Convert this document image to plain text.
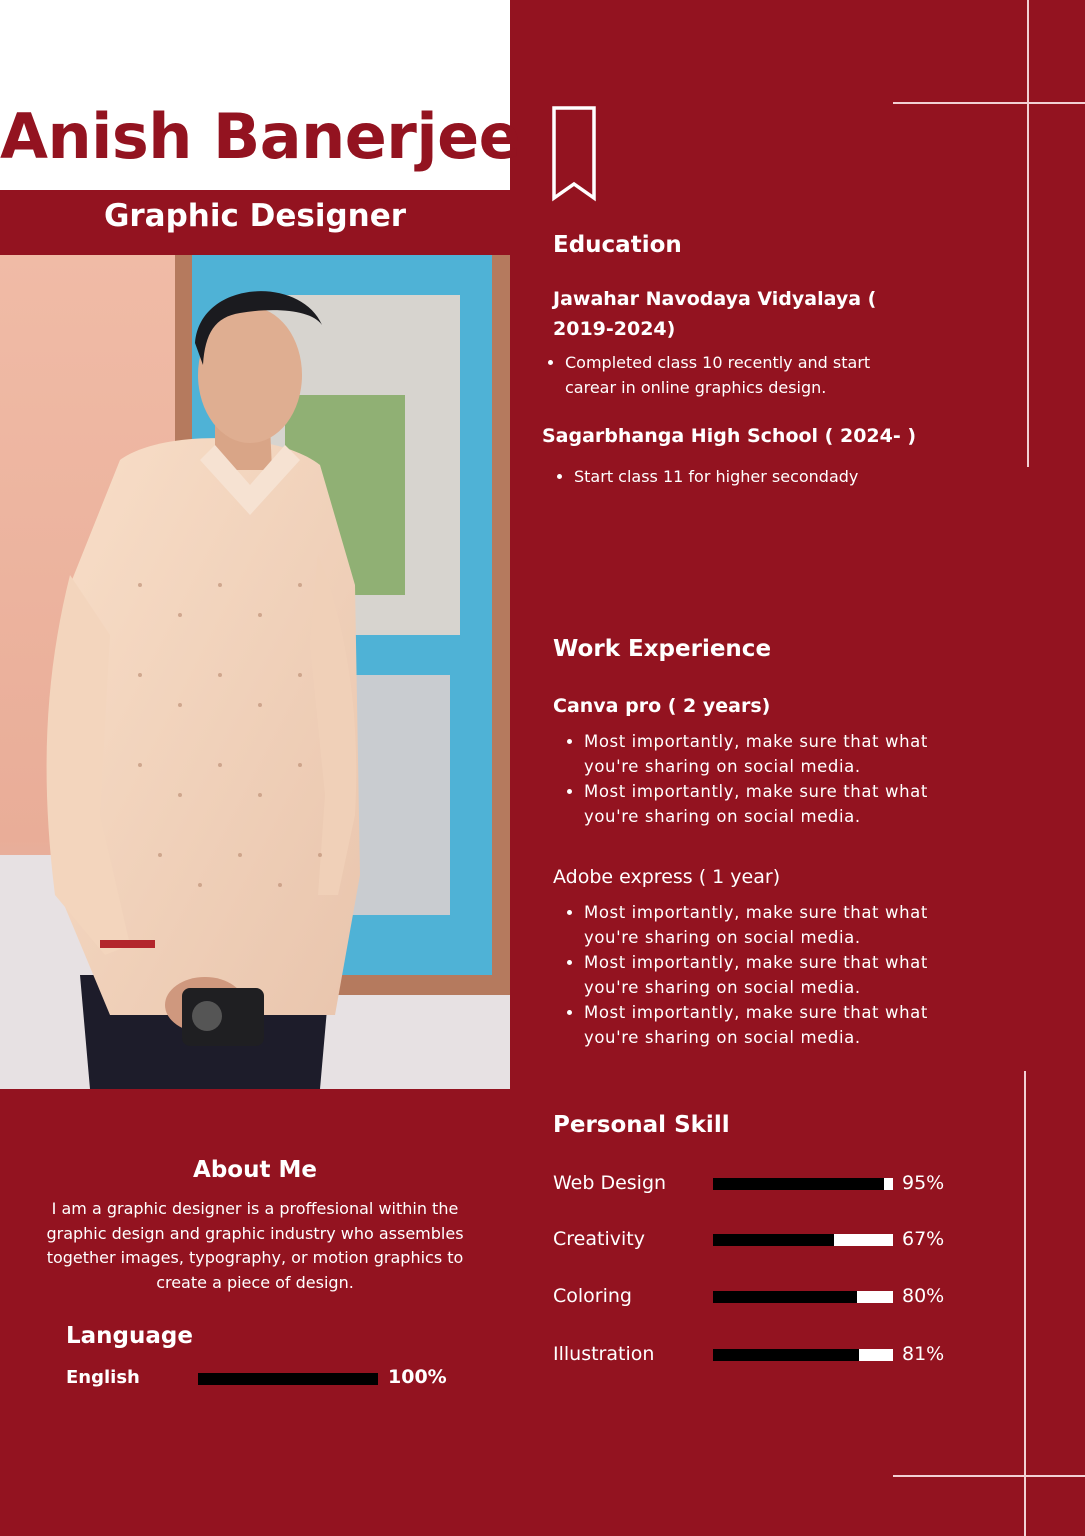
Anish Banerjee
Graphic Designer
Education
Jawahar Navodaya Vidyalaya ( 2019-2024)
• Completed class 10 recently and start carear in online graphics design.
Sagarbhanga High School ( 2024- )
• Start class 11 for higher secondady
Work Experience
Canva pro ( 2 years)
• Most importantly, make sure that what you're sharing on social media.
• Most importantly, make sure that what you're sharing on social media.
Adobe express ( 1 year)
• Most importantly, make sure that what you're sharing on social media.
• Most importantly, make sure that what you're sharing on social media.
• Most importantly, make sure that what you're sharing on social media.
Personal Skill
Web Design	95%
Creativity	67%
Coloring	80%
Illustration	81%
About Me
I am a graphic designer is a proffesional within the graphic design and graphic industry who assembles together images, typography, or motion graphics to create a piece of design.
Language
English	100%
